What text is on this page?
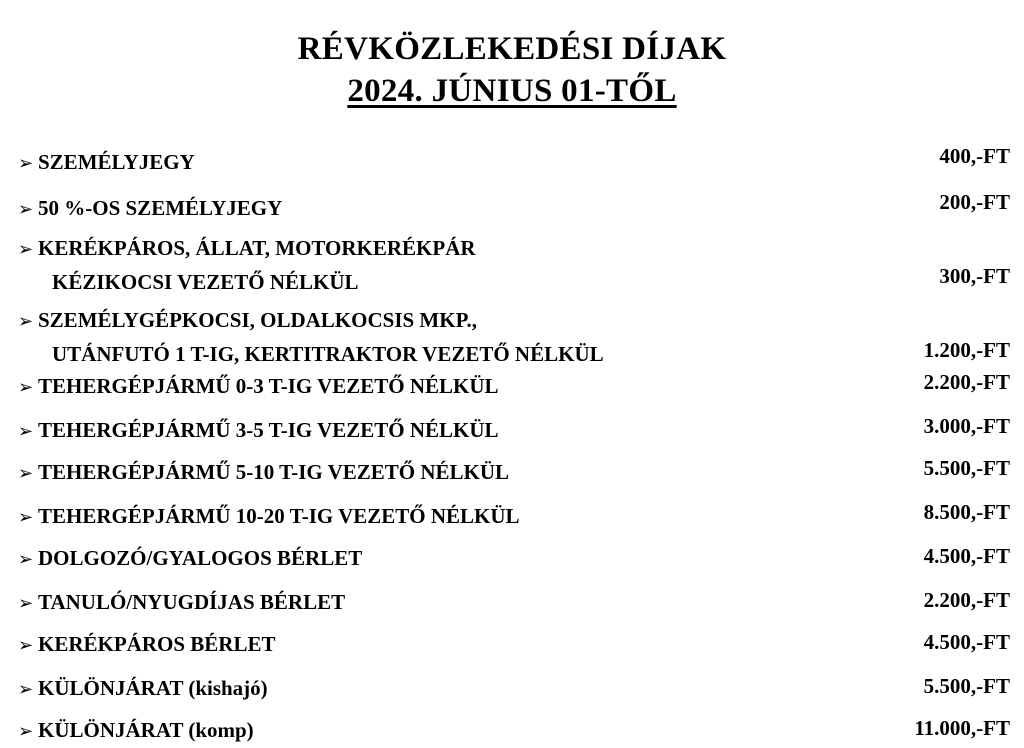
RÉVKÖZLEKEDÉSI DÍJAK
2024. JÚNIUS 01-TŐL
➢ SZEMÉLYJEGY	400,-FT
➢ 50 %-OS SZEMÉLYJEGY	200,-FT
➢ KERÉKPÁROS, ÁLLAT, MOTORKERÉKPÁR
KÉZIKOCSI VEZETŐ NÉLKÜL	300,-FT
➢ SZEMÉLYGÉPKOCSI, OLDALKOCSIS MKP.,
UTÁNFUTÓ 1 T-IG, KERTITRAKTOR VEZETŐ NÉLKÜL	1.200,-FT
➢ TEHERGÉPJÁRMŰ 0-3 T-IG VEZETŐ NÉLKÜL	2.200,-FT
➢ TEHERGÉPJÁRMŰ 3-5 T-IG VEZETŐ NÉLKÜL	3.000,-FT
➢ TEHERGÉPJÁRMŰ 5-10 T-IG VEZETŐ NÉLKÜL	5.500,-FT
➢ TEHERGÉPJÁRMŰ 10-20 T-IG VEZETŐ NÉLKÜL	8.500,-FT
➢ DOLGOZÓ/GYALOGOS BÉRLET	4.500,-FT
➢ TANULÓ/NYUGDÍJAS BÉRLET	2.200,-FT
➢ KERÉKPÁROS BÉRLET	4.500,-FT
➢ KÜLÖNJÁRAT (kishajó)	5.500,-FT
➢ KÜLÖNJÁRAT (komp)	11.000,-FT
